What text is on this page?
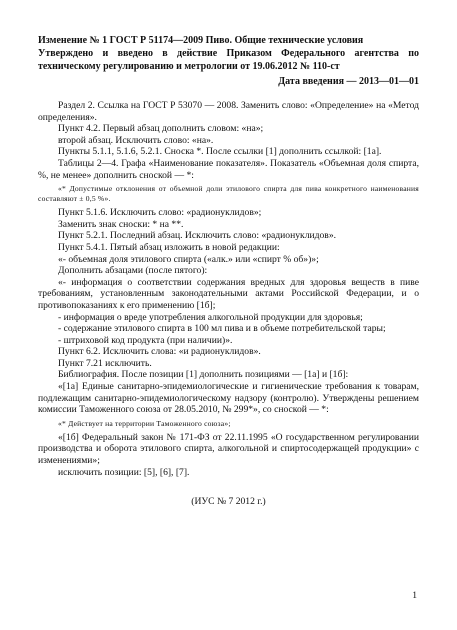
Изменение № 1 ГОСТ Р 51174—2009 Пиво. Общие технические условия
Утверждено и введено в действие Приказом Федерального агентства по техническому регулированию и метрологии от 19.06.2012 № 110-ст
Дата введения — 2013—01—01

Раздел 2. Ссылка на ГОСТ Р 53070 — 2008. Заменить слово: «Определение» на «Метод определения».

Пункт 4.2. Первый абзац дополнить словом: «на»;

второй абзац. Исключить слово: «на».

Пункты 5.1.1, 5.1.6, 5.2.1. Сноска *. После ссылки [1] дополнить ссылкой: [1а].

Таблицы 2—4. Графа «Наименование показателя». Показатель «Объемная доля спирта, %, не менее» дополнить сноской — *:

«* Допустимые отклонения от объемной доли этилового спирта для пива конкретного наименования составляют ± 0,5 %».

Пункт 5.1.6. Исключить слово: «радионуклидов»;

Заменить знак сноски: * на **.

Пункт 5.2.1. Последний абзац. Исключить слово: «радионуклидов».

Пункт 5.4.1. Пятый абзац изложить в новой редакции:

«- объемная доля этилового спирта («алк.» или «спирт % об»)»;

Дополнить абзацами (после пятого):

«- информация о соответствии содержания вредных для здоровья веществ в пиве требованиям, установленным законодательными актами Российской Федерации, и о противопоказаниях к его применению [1б];

- информация о вреде употребления алкогольной продукции для здоровья;

- содержание этилового спирта в 100 мл пива и в объеме потребительской тары;

- штриховой код продукта (при наличии)».

Пункт 6.2. Исключить слова: «и радионуклидов».

Пункт 7.21 исключить.

Библиография. После позиции [1] дополнить позициями — [1а] и [1б]:

«[1а] Единые санитарно-эпидемиологические и гигиенические требования к товарам, подлежащим санитарно-эпидемиологическому надзору (контролю). Утверждены решением комиссии Таможенного союза от 28.05.2010, № 299*», со сноской — *:

«* Действует на территории Таможенного союза»;

«[1б] Федеральный закон № 171-ФЗ от 22.11.1995 «О государственном регулировании производства и оборота этилового спирта, алкогольной и спиртосодержащей продукции» с изменениями»;

исключить позиции: [5], [6], [7].

(ИУС № 7 2012 г.)
1
